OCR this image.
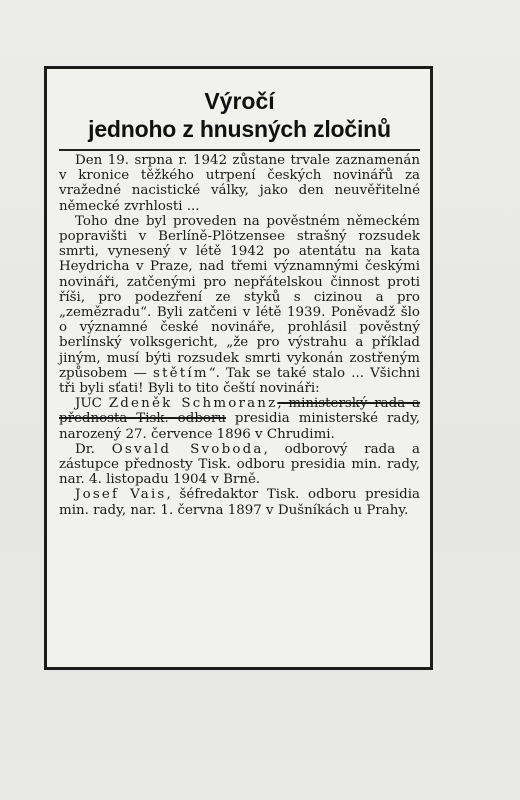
Výročí
jednoho z hnusných zločinů

Den 19. srpna r. 1942 zůstane trvale zaznamenán v kronice těžkého utrpení českých novinářů za vražedné nacistické války, jako den neuvěřitelné německé zvrhlosti ...

Toho dne byl proveden na pověstném německém popravišti v Berlíně-Plötzensee strašný rozsudek smrti, vynesený v létě 1942 po atentátu na kata Heydricha v Praze, nad třemi významnými českými novináři, zatčenými pro nepřátelskou činnost proti říši, pro podezření ze styků s cizinou a pro „zemězradu“. Byli zatčeni v létě 1939. Poněvadž šlo o významné české novináře, prohlásil pověstný berlínský volksgericht, „že pro výstrahu a příklad jiným, musí býti rozsudek smrti vykonán zostřeným způsobem — stětím“. Tak se také stalo ... Všichni tři byli sťati! Byli to tito čeští novináři:

JUC Zdeněk Schmoranz, ministerský rada a přednosta Tisk. odboru presidia ministerské rady, narozený 27. července 1896 v Chrudimi.

Dr. Osvald Svoboda, odborový rada a zástupce přednosty Tisk. odboru presidia min. rady, nar. 4. listopadu 1904 v Brně.

Josef Vais, šéfredaktor Tisk. odboru presidia min. rady, nar. 1. června 1897 v Dušníkách u Prahy.
